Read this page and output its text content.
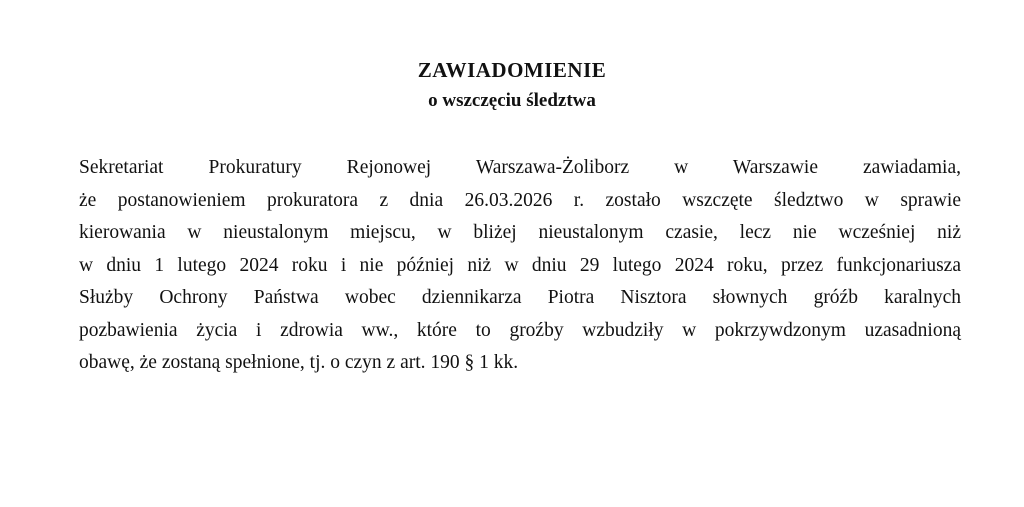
ZAWIADOMIENIE
o wszczęciu śledztwa
Sekretariat Prokuratury Rejonowej Warszawa-Żoliborz w Warszawie zawiadamia,
że postanowieniem prokuratora z dnia 26.03.2026 r. zostało wszczęte śledztwo w sprawie
kierowania w nieustalonym miejscu, w bliżej nieustalonym czasie, lecz nie wcześniej niż
w dniu 1 lutego 2024 roku i nie później niż w dniu 29 lutego 2024 roku, przez funkcjonariusza
Służby Ochrony Państwa wobec dziennikarza Piotra Nisztora słownych gróźb karalnych
pozbawienia życia i zdrowia ww., które to groźby wzbudziły w pokrzywdzonym uzasadnioną
obawę, że zostaną spełnione, tj. o czyn z art. 190 § 1 kk.
